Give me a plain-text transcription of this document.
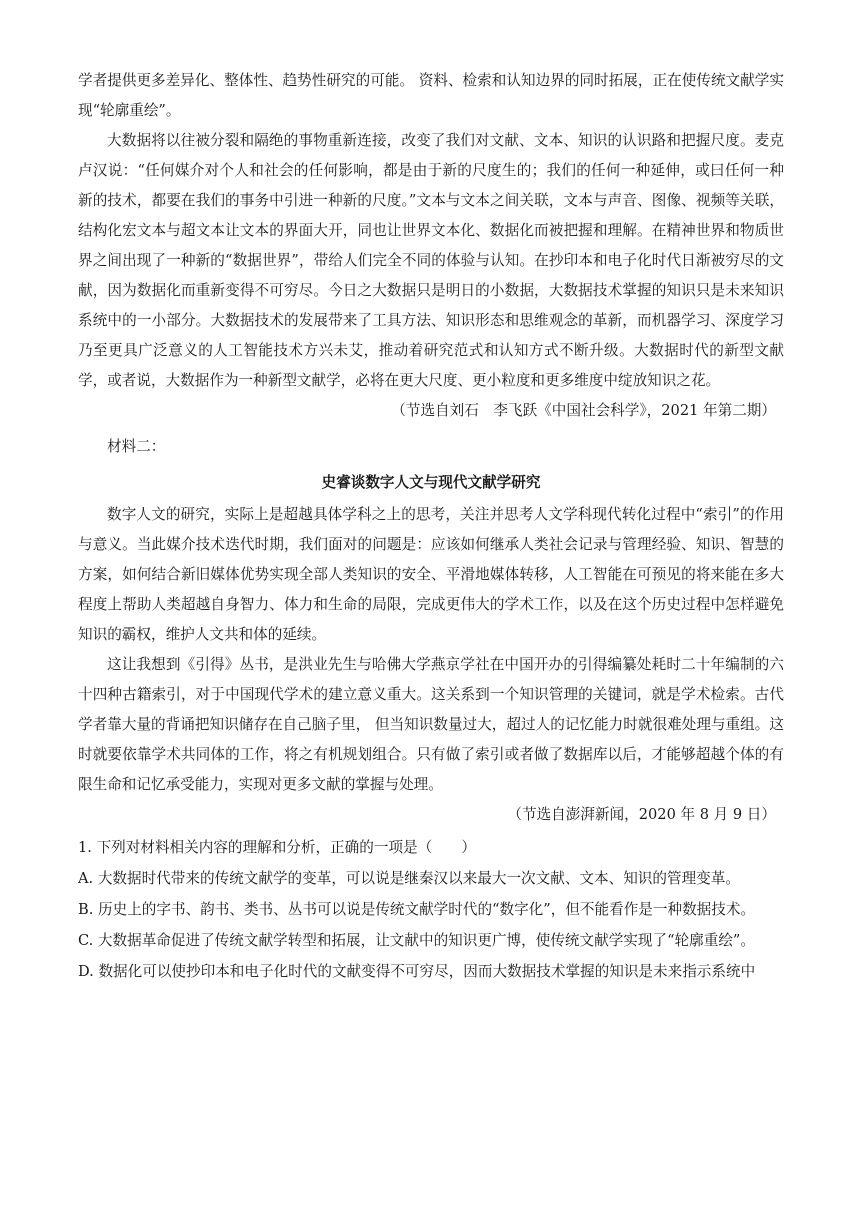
学者提供更多差异化、整体性、趋势性研究的可能。 资料、检索和认知边界的同时拓展，正在使传统文献学实现“轮廓重绘”。

大数据将以往被分裂和隔绝的事物重新连接，改变了我们对文献、文本、知识的认识路和把握尺度。麦克卢汉说：“任何媒介对个人和社会的任何影响，都是由于新的尺度生的；我们的任何一种延伸，或曰任何一种新的技术，都要在我们的事务中引进一种新的尺度。”文本与文本之间关联，文本与声音、图像、视频等关联，结构化宏文本与超文本让文本的界面大开，同也让世界文本化、数据化而被把握和理解。在精神世界和物质世界之间出现了一种新的“数据世界”，带给人们完全不同的体验与认知。在抄印本和电子化时代日渐被穷尽的文献，因为数据化而重新变得不可穷尽。今日之大数据只是明日的小数据，大数据技术掌握的知识只是未来知识系统中的一小部分。大数据技术的发展带来了工具方法、知识形态和思维观念的革新，而机器学习、深度学习乃至更具广泛意义的人工智能技术方兴未艾，推动着研究范式和认知方式不断升级。大数据时代的新型文献学，或者说，大数据作为一种新型文献学，必将在更大尺度、更小粒度和更多维度中绽放知识之花。

（节选自刘石　李飞跃《中国社会科学》，2021 年第二期）

材料二：

史睿谈数字人文与现代文献学研究

数字人文的研究，实际上是超越具体学科之上的思考，关注并思考人文学科现代转化过程中“索引”的作用与意义。当此媒介技术迭代时期，我们面对的问题是：应该如何继承人类社会记录与管理经验、知识、智慧的方案，如何结合新旧媒体优势实现全部人类知识的安全、平滑地媒体转移，人工智能在可预见的将来能在多大程度上帮助人类超越自身智力、体力和生命的局限，完成更伟大的学术工作，以及在这个历史过程中怎样避免知识的霸权，维护人文共和体的延续。

这让我想到《引得》丛书，是洪业先生与哈佛大学燕京学社在中国开办的引得编纂处耗时二十年编制的六十四种古籍索引，对于中国现代学术的建立意义重大。这关系到一个知识管理的关键词，就是学术检索。古代学者靠大量的背诵把知识储存在自己脑子里， 但当知识数量过大，超过人的记忆能力时就很难处理与重组。这时就要依靠学术共同体的工作，将之有机规划组合。只有做了索引或者做了数据库以后，才能够超越个体的有限生命和记忆承受能力，实现对更多文献的掌握与处理。

（节选自澎湃新闻，2020 年 8 月 9 日）

1. 下列对材料相关内容的理解和分析，正确的一项是（　　）

A. 大数据时代带来的传统文献学的变革，可以说是继秦汉以来最大一次文献、文本、知识的管理变革。

B. 历史上的字书、韵书、类书、丛书可以说是传统文献学时代的“数字化”，但不能看作是一种数据技术。

C. 大数据革命促进了传统文献学转型和拓展，让文献中的知识更广博，使传统文献学实现了“轮廓重绘”。

D. 数据化可以使抄印本和电子化时代的文献变得不可穷尽，因而大数据技术掌握的知识是未来指示系统中
